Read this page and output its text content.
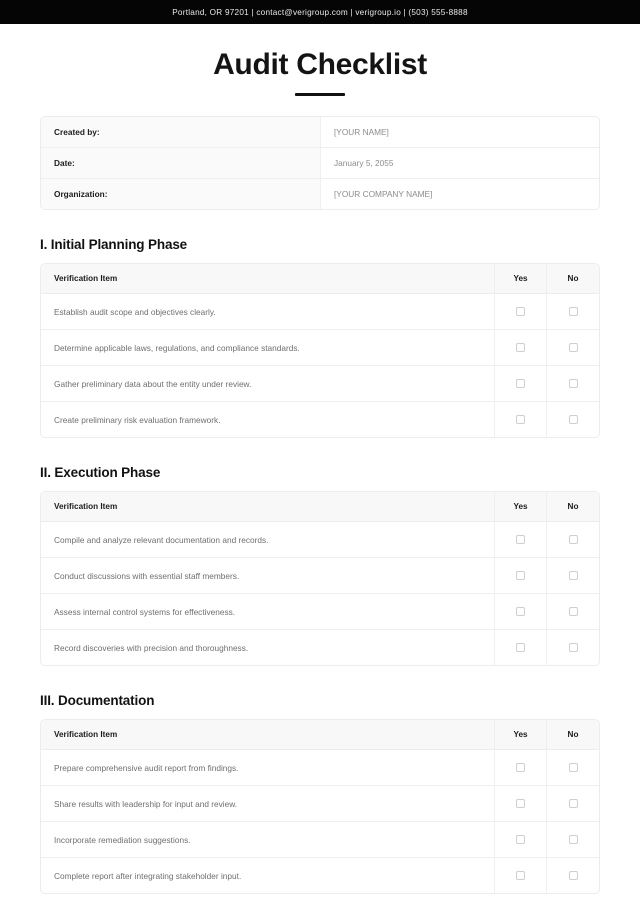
Portland, OR 97201 | contact@verigroup.com | verigroup.io | (503) 555-8888
Audit Checklist
Created by:	[YOUR NAME]
Date:	January 5, 2055
Organization:	[YOUR COMPANY NAME]
I. Initial Planning Phase
Verification Item	Yes	No
Establish audit scope and objectives clearly.
Determine applicable laws, regulations, and compliance standards.
Gather preliminary data about the entity under review.
Create preliminary risk evaluation framework.
II. Execution Phase
Verification Item	Yes	No
Compile and analyze relevant documentation and records.
Conduct discussions with essential staff members.
Assess internal control systems for effectiveness.
Record discoveries with precision and thoroughness.
III. Documentation
Verification Item	Yes	No
Prepare comprehensive audit report from findings.
Share results with leadership for input and review.
Incorporate remediation suggestions.
Complete report after integrating stakeholder input.
